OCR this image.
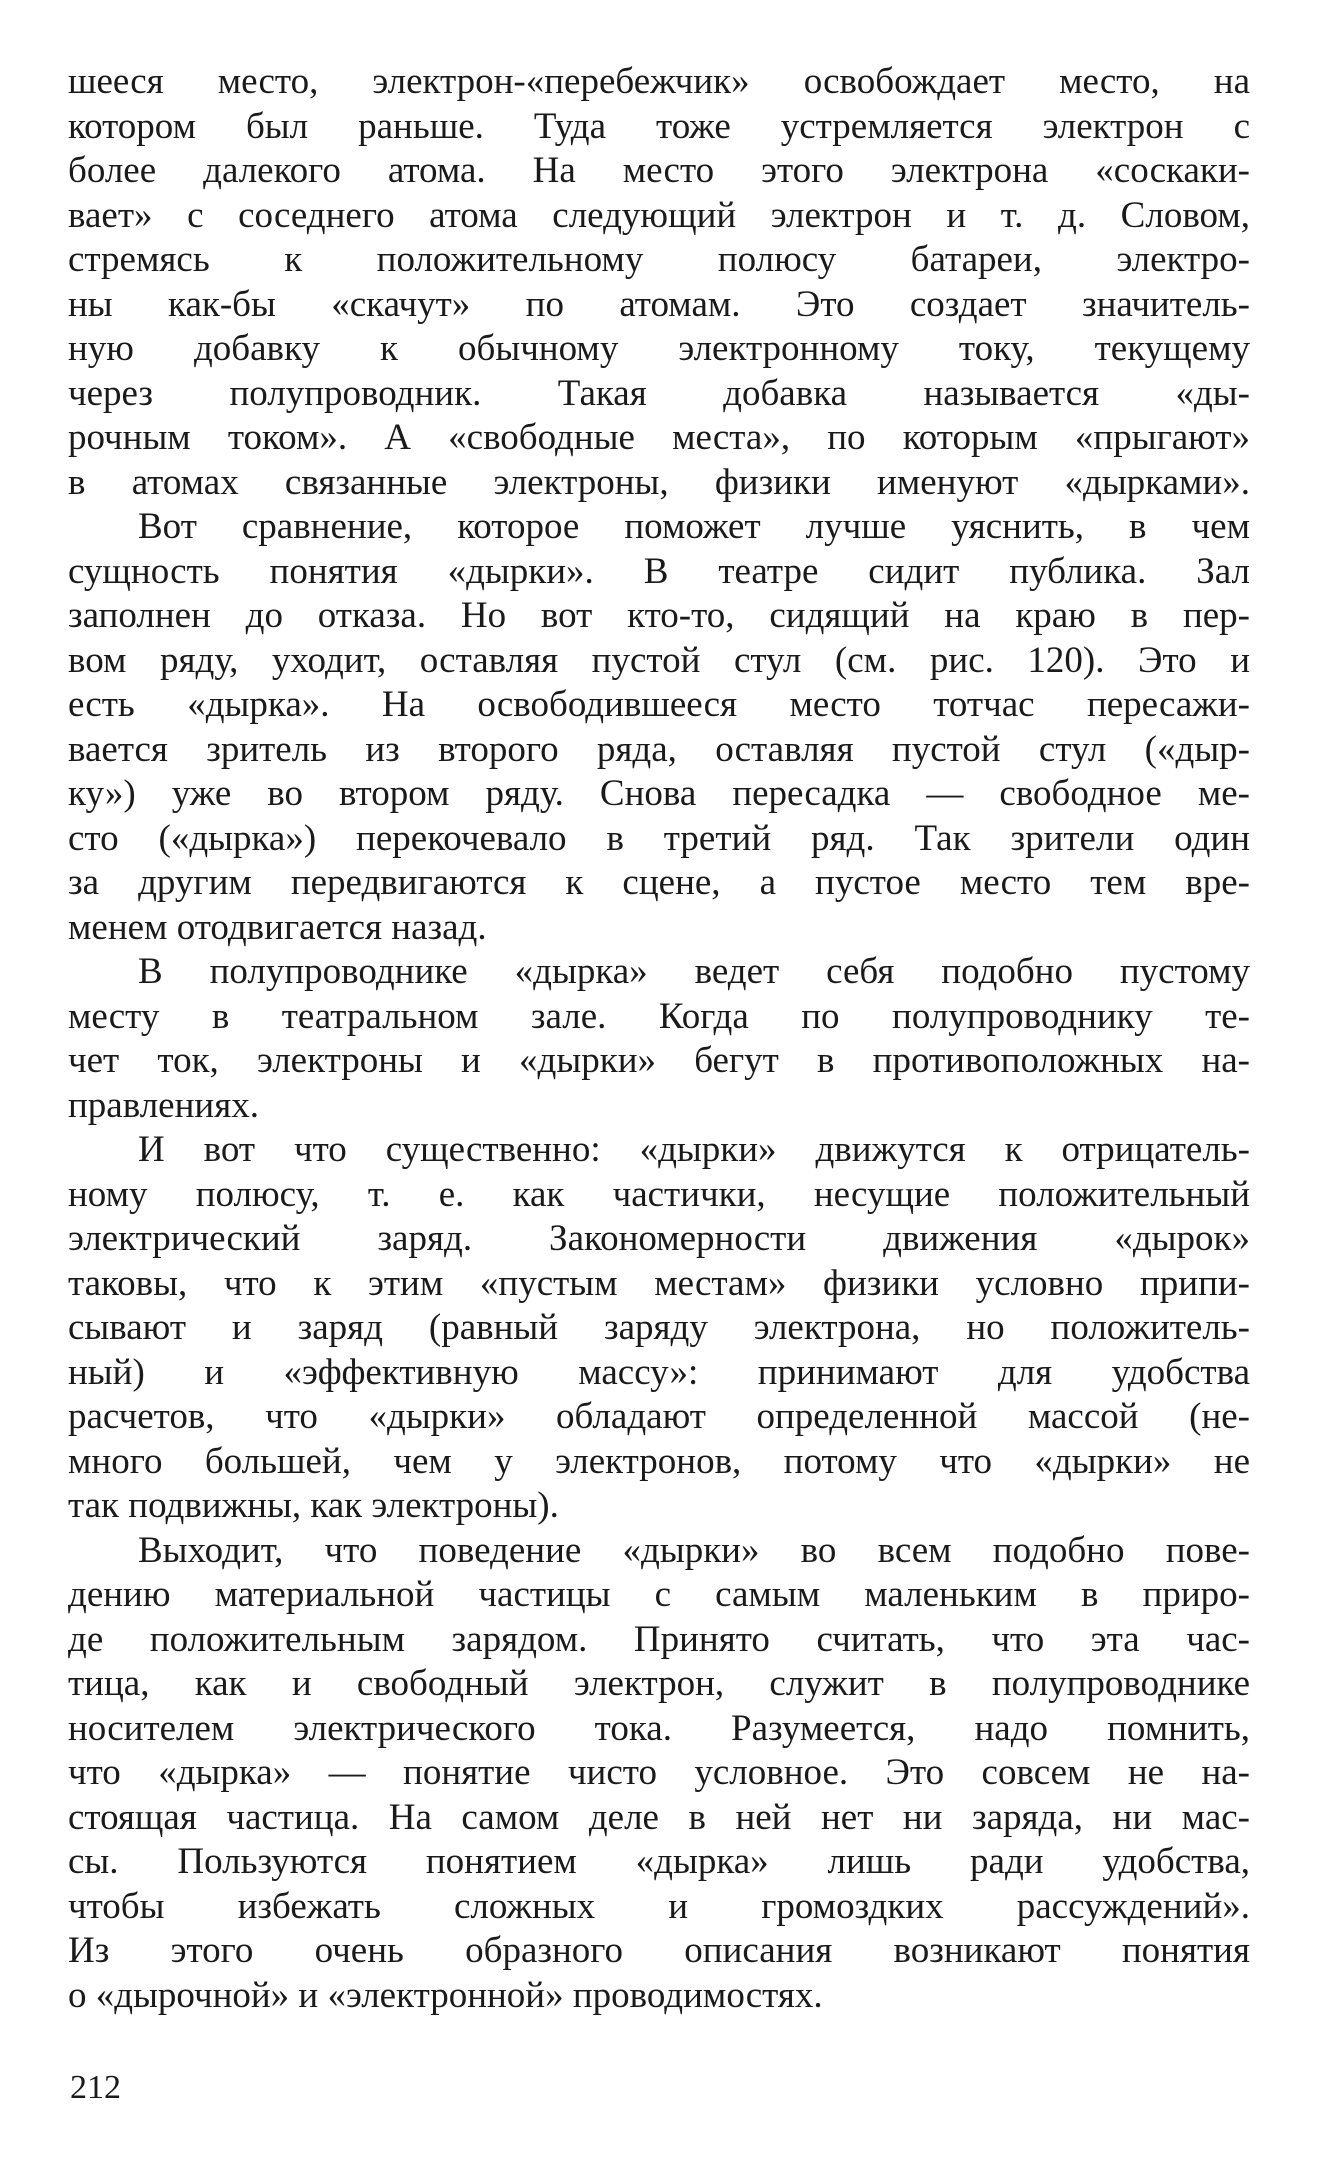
шееся место, электрон-«перебежчик» освобождает место, на
котором был раньше. Туда тоже устремляется электрон с
более далекого атома. На место этого электрона «соскаки-
вает» с соседнего атома следующий электрон и т. д. Словом,
стремясь к положительному полюсу батареи, электро-
ны как-бы «скачут» по атомам. Это создает значитель-
ную добавку к обычному электронному току, текущему
через полупроводник. Такая добавка называется «ды-
рочным током». А «свободные места», по которым «прыгают»
в атомах связанные электроны, физики именуют «дырками».
Вот сравнение, которое поможет лучше уяснить, в чем
сущность понятия «дырки». В театре сидит публика. Зал
заполнен до отказа. Но вот кто-то, сидящий на краю в пер-
вом ряду, уходит, оставляя пустой стул (см. рис. 120). Это и
есть «дырка». На освободившееся место тотчас пересажи-
вается зритель из второго ряда, оставляя пустой стул («дыр-
ку») уже во втором ряду. Снова пересадка — свободное ме-
сто («дырка») перекочевало в третий ряд. Так зрители один
за другим передвигаются к сцене, а пустое место тем вре-
менем отодвигается назад.
В полупроводнике «дырка» ведет себя подобно пустому
месту в театральном зале. Когда по полупроводнику те-
чет ток, электроны и «дырки» бегут в противоположных на-
правлениях.
И вот что существенно: «дырки» движутся к отрицатель-
ному полюсу, т. е. как частички, несущие положительный
электрический заряд. Закономерности движения «дырок»
таковы, что к этим «пустым местам» физики условно припи-
сывают и заряд (равный заряду электрона, но положитель-
ный) и «эффективную массу»: принимают для удобства
расчетов, что «дырки» обладают определенной массой (не-
много большей, чем у электронов, потому что «дырки» не
так подвижны, как электроны).
Выходит, что поведение «дырки» во всем подобно пове-
дению материальной частицы с самым маленьким в приро-
де положительным зарядом. Принято считать, что эта час-
тица, как и свободный электрон, служит в полупроводнике
носителем электрического тока. Разумеется, надо помнить,
что «дырка» — понятие чисто условное. Это совсем не на-
стоящая частица. На самом деле в ней нет ни заряда, ни мас-
сы. Пользуются понятием «дырка» лишь ради удобства,
чтобы избежать сложных и громоздких рассуждений».
Из этого очень образного описания возникают понятия
о «дырочной» и «электронной» проводимостях.
212
